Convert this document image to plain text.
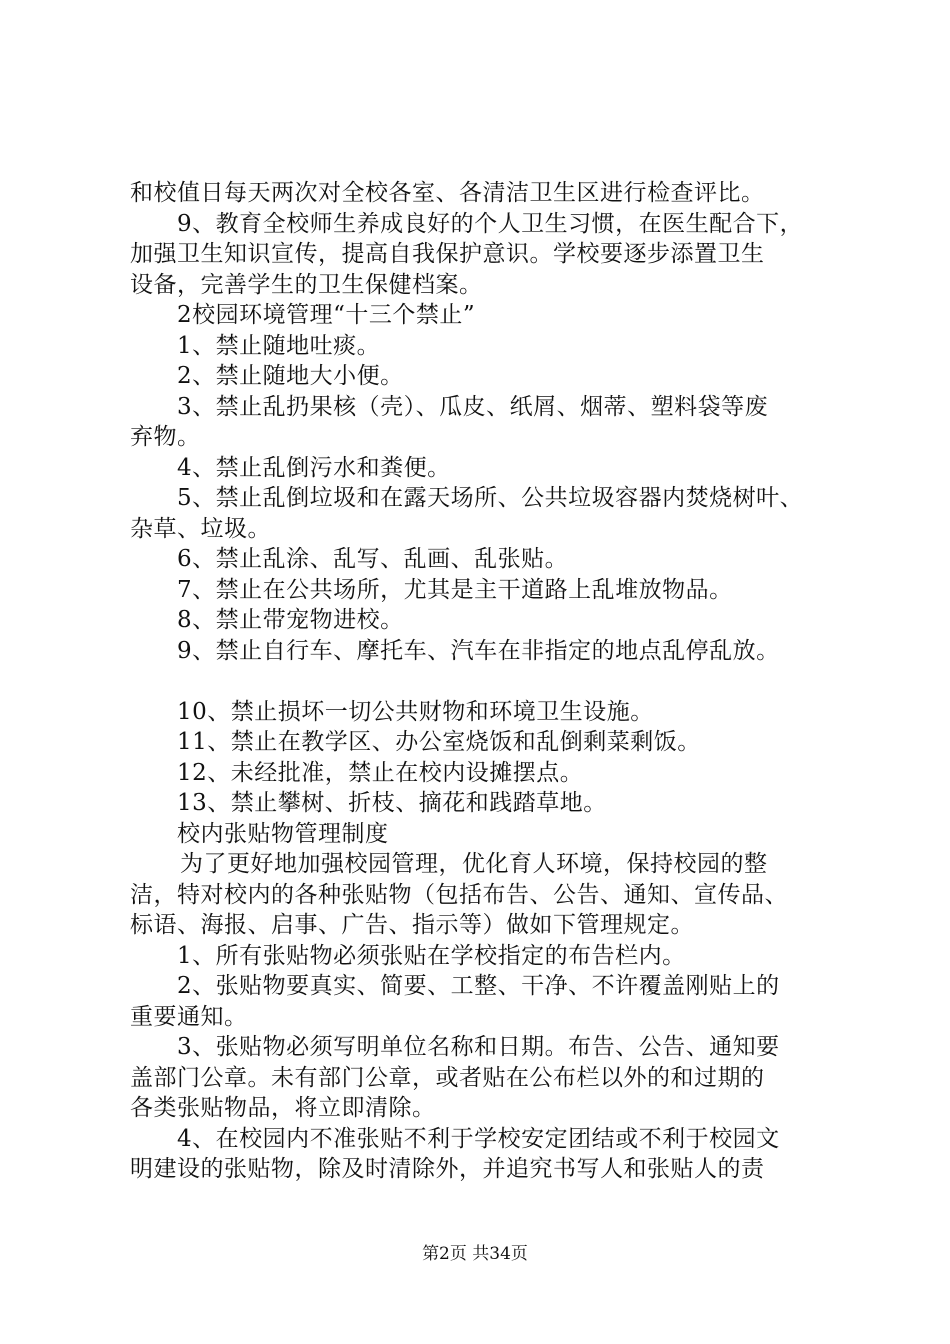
和校值日每天两次对全校各室、各清洁卫生区进行检查评比。
9、教育全校师生养成良好的个人卫生习惯，在医生配合下，
加强卫生知识宣传，提高自我保护意识。学校要逐步添置卫生
设备，完善学生的卫生保健档案。
2校园环境管理“十三个禁止”
1、禁止随地吐痰。
2、禁止随地大小便。
3、禁止乱扔果核（壳）、瓜皮、纸屑、烟蒂、塑料袋等废
弃物。
4、禁止乱倒污水和粪便。
5、禁止乱倒垃圾和在露天场所、公共垃圾容器内焚烧树叶、
杂草、垃圾。
6、禁止乱涂、乱写、乱画、乱张贴。
7、禁止在公共场所，尤其是主干道路上乱堆放物品。
8、禁止带宠物进校。
9、禁止自行车、摩托车、汽车在非指定的地点乱停乱放。
10、禁止损坏一切公共财物和环境卫生设施。
11、禁止在教学区、办公室烧饭和乱倒剩菜剩饭。
12、未经批准，禁止在校内设摊摆点。
13、禁止攀树、折枝、摘花和践踏草地。
校内张贴物管理制度
为了更好地加强校园管理，优化育人环境，保持校园的整
洁，特对校内的各种张贴物（包括布告、公告、通知、宣传品、
标语、海报、启事、广告、指示等）做如下管理规定。
1、所有张贴物必须张贴在学校指定的布告栏内。
2、张贴物要真实、简要、工整、干净、不许覆盖刚贴上的
重要通知。
3、张贴物必须写明单位名称和日期。布告、公告、通知要
盖部门公章。未有部门公章，或者贴在公布栏以外的和过期的
各类张贴物品，将立即清除。
4、在校园内不准张贴不利于学校安定团结或不利于校园文
明建设的张贴物，除及时清除外，并追究书写人和张贴人的责
第2页 共34页
